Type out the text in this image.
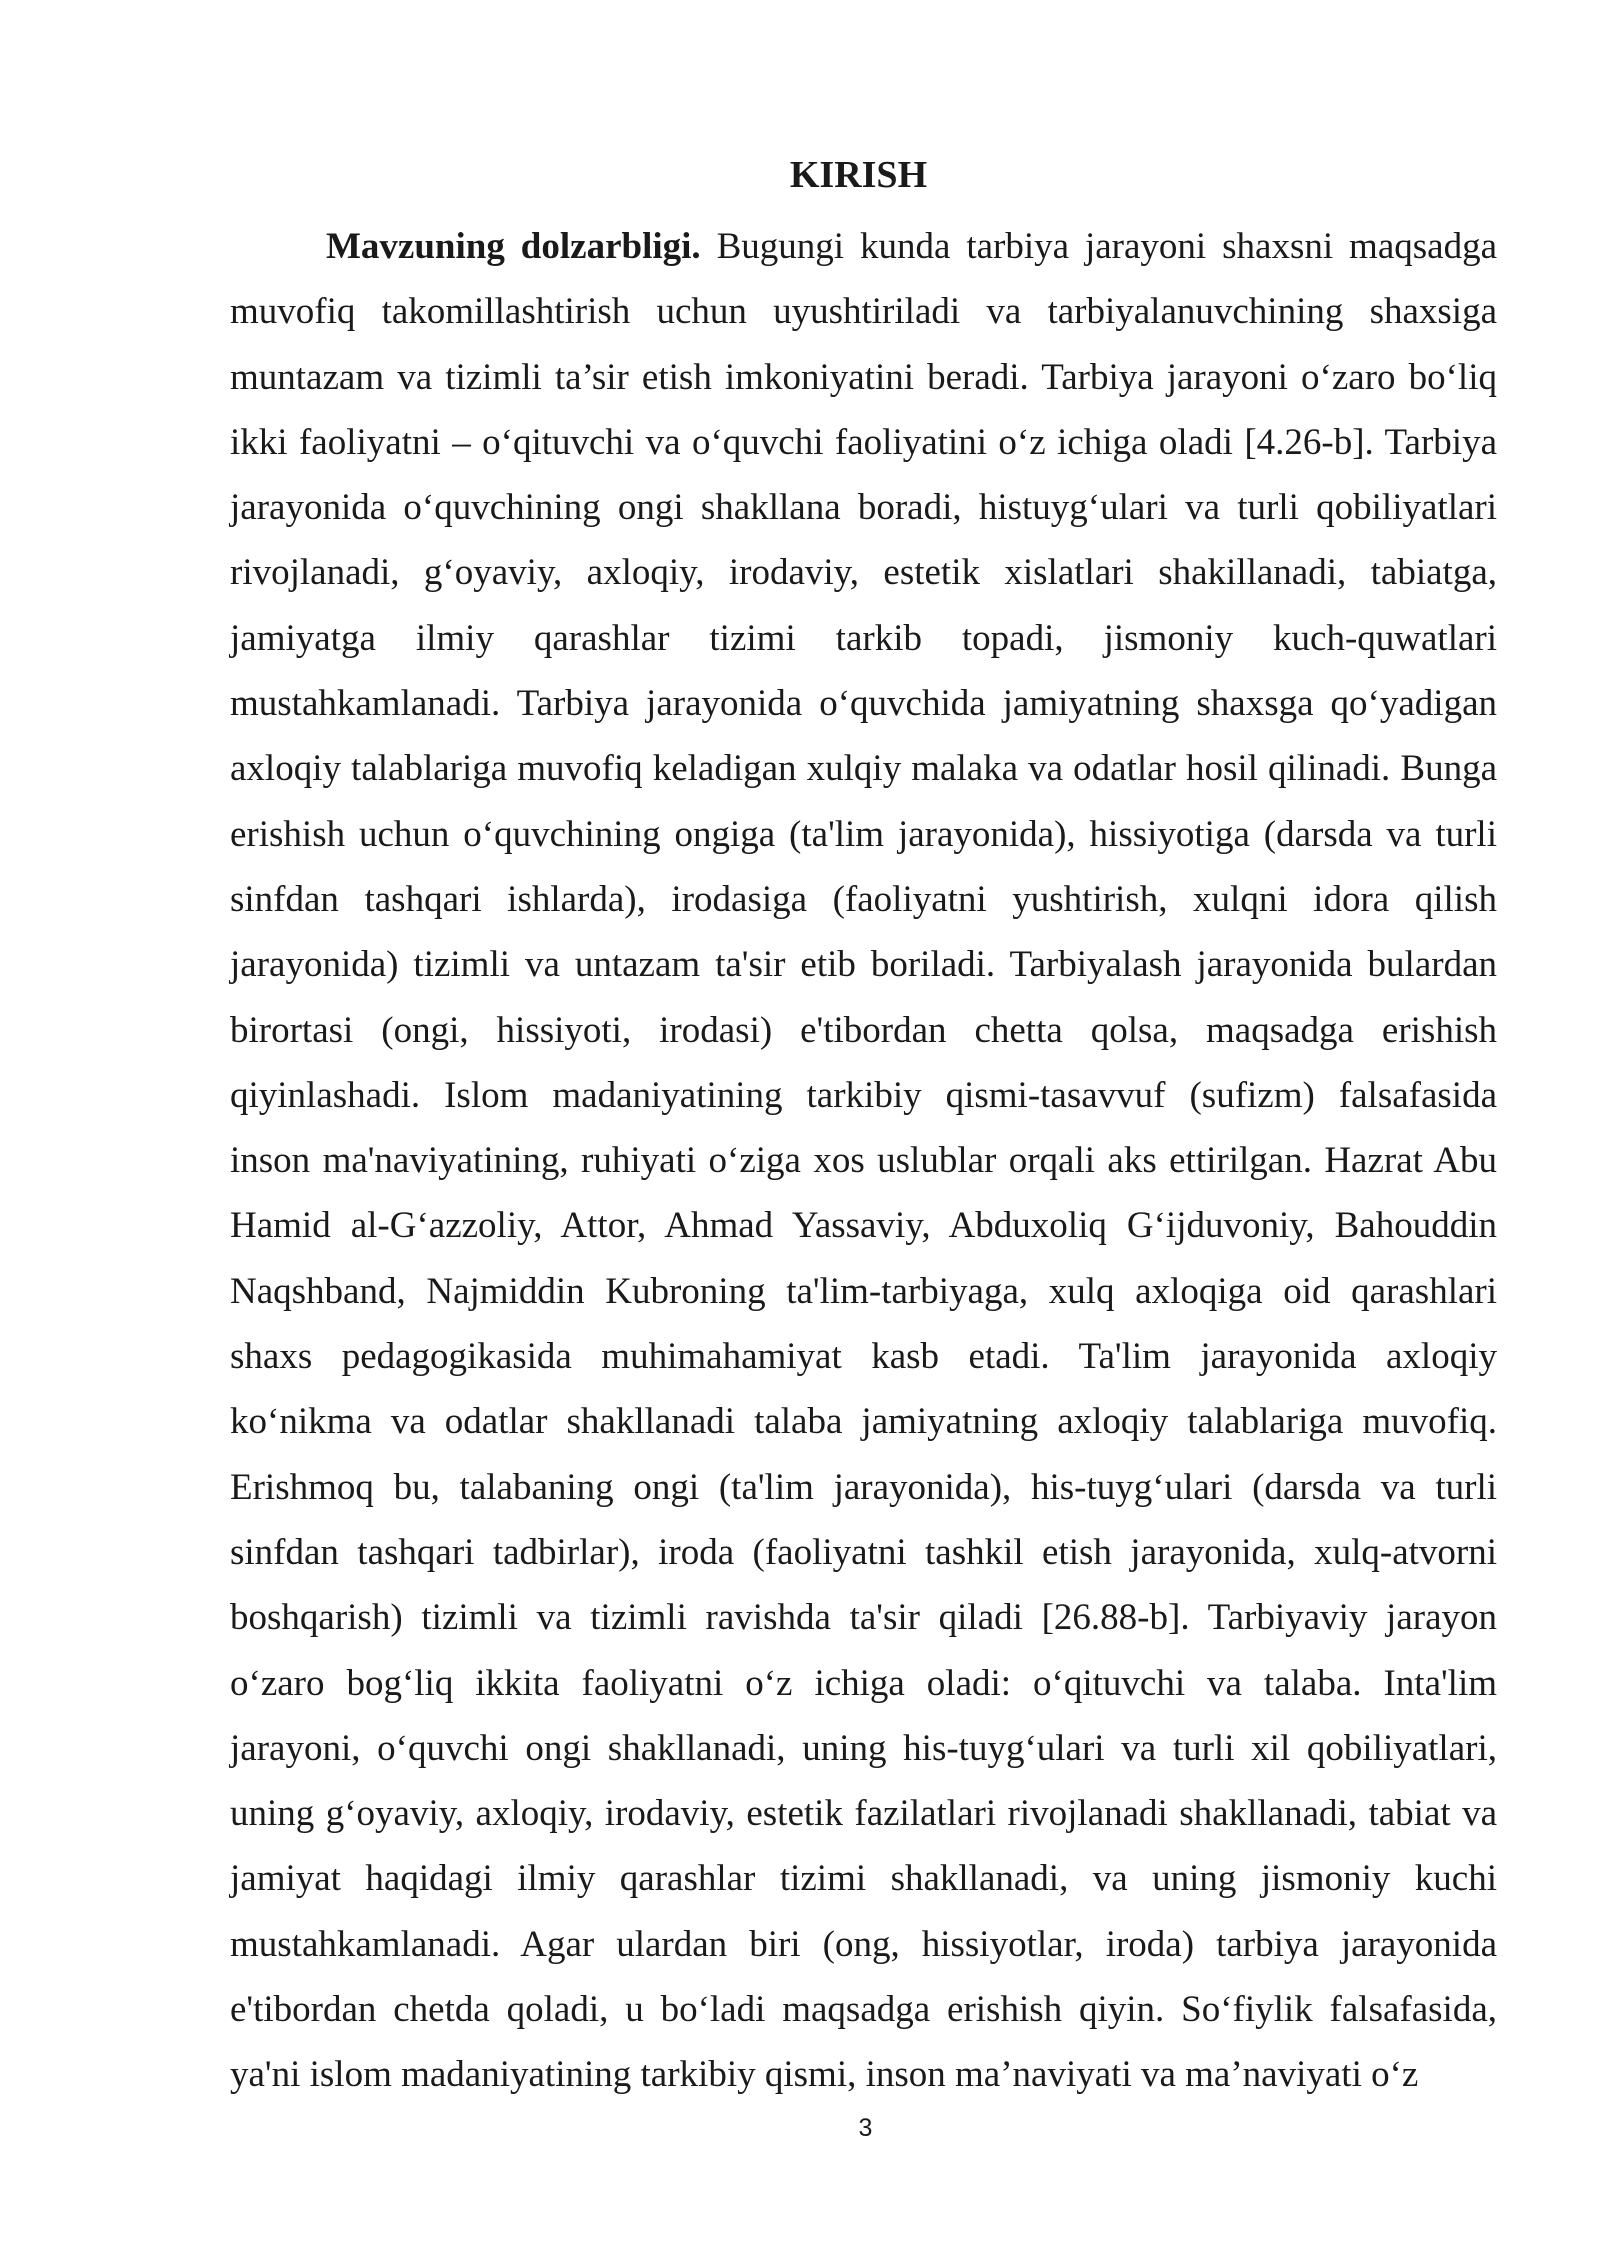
KIRISH

Mavzuning dolzarbligi. Bugungi kunda tarbiya jarayoni shaxsni maqsadga muvofiq takomillashtirish uchun uyushtiriladi va tarbiyalanuvchining shaxsiga muntazam va tizimli ta’sir etish imkoniyatini beradi. Tarbiya jarayoni o‘zaro bo‘liq ikki faoliyatni – o‘qituvchi va o‘quvchi faoliyatini o‘z ichiga oladi [4.26-b]. Tarbiya jarayonida o‘quvchining ongi shakllana boradi, histuyg‘ulari va turli qobiliyatlari rivojlanadi, g‘oyaviy, axloqiy, irodaviy, estetik xislatlari shakillanadi, tabiatga, jamiyatga ilmiy qarashlar tizimi tarkib topadi, jismoniy kuch-quwatlari mustahkamlanadi. Tarbiya jarayonida o‘quvchida jamiyatning shaxsga qo‘yadigan axloqiy talablariga muvofiq keladigan xulqiy malaka va odatlar hosil qilinadi. Bunga erishish uchun o‘quvchining ongiga (ta'lim jarayonida), hissiyotiga (darsda va turli sinfdan tashqari ishlarda), irodasiga (faoliyatni yushtirish, xulqni idora qilish jarayonida) tizimli va untazam ta'sir etib boriladi. Tarbiyalash jarayonida bulardan birortasi (ongi, hissiyoti, irodasi) e'tibordan chetta qolsa, maqsadga erishish qiyinlashadi. Islom madaniyatining tarkibiy qismi-tasavvuf (sufizm) falsafasida inson ma'naviyatining, ruhiyati o‘ziga xos uslublar orqali aks ettirilgan. Hazrat Abu Hamid al-G‘azzoliy, Attor, Ahmad Yassaviy, Abduxoliq G‘ijduvoniy, Bahouddin Naqshband, Najmiddin Kubroning ta'lim-tarbiyaga, xulq axloqiga oid qarashlari shaxs pedagogikasida muhimahamiyat kasb etadi. Ta'lim jarayonida axloqiy ko‘nikma va odatlar shakllanadi talaba jamiyatning axloqiy talablariga muvofiq. Erishmoq bu, talabaning ongi (ta'lim jarayonida), his-tuyg‘ulari (darsda va turli sinfdan tashqari tadbirlar), iroda (faoliyatni tashkil etish jarayonida, xulq-atvorni boshqarish) tizimli va tizimli ravishda ta'sir qiladi [26.88-b]. Tarbiyaviy jarayon o‘zaro bog‘liq ikkita faoliyatni o‘z ichiga oladi: o‘qituvchi va talaba. Inta'lim jarayoni, o‘quvchi ongi shakllanadi, uning his-tuyg‘ulari va turli xil qobiliyatlari, uning g‘oyaviy, axloqiy, irodaviy, estetik fazilatlari rivojlanadi shakllanadi, tabiat va jamiyat haqidagi ilmiy qarashlar tizimi shakllanadi, va uning jismoniy kuchi mustahkamlanadi. Agar ulardan biri (ong, hissiyotlar, iroda) tarbiya jarayonida e'tibordan chetda qoladi, u bo‘ladi maqsadga erishish qiyin. So‘fiylik falsafasida, ya'ni islom madaniyatining tarkibiy qismi, inson ma’naviyati va ma’naviyati o‘z

3
